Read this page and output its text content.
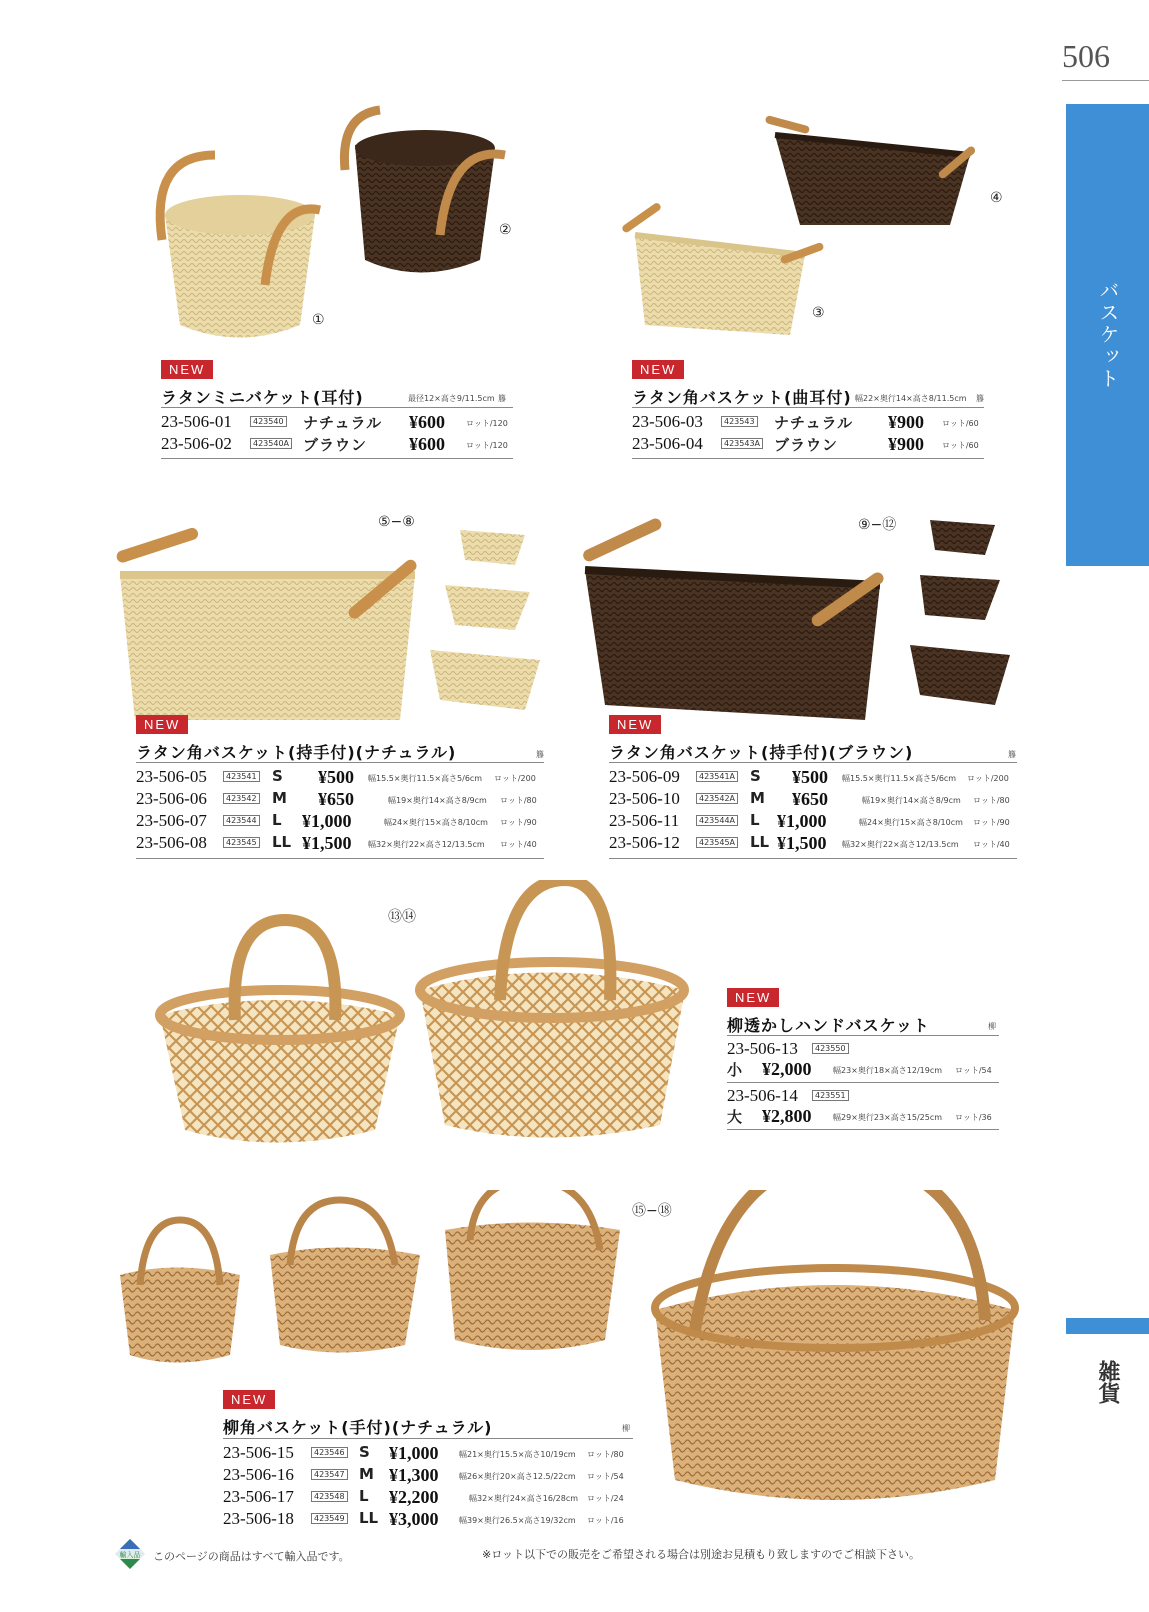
506
バスケット
雑貨
①
②
③
④
NEW
ラタンミニバケット(耳付)	最径12×高さ9/11.5cm 籐
23-506-01	423540 ナチュラル ¥600	ロット/120
23-506-02	423540A ブラウン ¥600	ロット/120
NEW
ラタン角バスケット(曲耳付) 幅22×奥行14×高さ8/11.5cm 籐
23-506-03	423543 ナチュラル ¥900 ロット/60
23-506-04	423543A ブラウン	¥900 ロット/60
⑤−⑧	⑨−⑫
NEW
ラタン角バスケット(持手付)(ナチュラル)	籐
23-506-05	423541 S ¥500 幅15.5×奥行11.5×高さ5/6cm ロット/200
23-506-06	423542 M ¥650	幅19×奥行14×高さ8/9cm ロット/80
23-506-07	423544 L ¥1,000	幅24×奥行15×高さ8/10cm ロット/90
23-506-08	423545 LL ¥1,500 幅32×奥行22×高さ12/13.5cm ロット/40
NEW
ラタン角バスケット(持手付)(ブラウン)	籐
23-506-09	423541A S ¥500 幅15.5×奥行11.5×高さ5/6cm ロット/200
23-506-10	423542A M ¥650	幅19×奥行14×高さ8/9cm ロット/80
23-506-11	423544A L ¥1,000	幅24×奥行15×高さ8/10cm ロット/90
23-506-12	423545A LL ¥1,500 幅32×奥行22×高さ12/13.5cm ロット/40
⑬⑭
NEW
柳透かしハンドバスケット	柳
23-506-13	423550
小 ¥2,000	幅23×奥行18×高さ12/19cm ロット/54
23-506-14	423551
大 ¥2,800	幅29×奥行23×高さ15/25cm ロット/36
⑮−⑱
NEW
柳角バスケット(手付)(ナチュラル)	柳
23-506-15	423546 S ¥1,000	幅21×奥行15.5×高さ10/19cm ロット/80
23-506-16	423547 M ¥1,300	幅26×奥行20×高さ12.5/22cm ロット/54
23-506-17	423548 L ¥2,200	幅32×奥行24×高さ16/28cm ロット/24
23-506-18	423549 LL ¥3,000	幅39×奥行26.5×高さ19/32cm ロット/16
輸入品 このページの商品はすべて輸入品です。	※ロット以下での販売をご希望される場合は別途お見積もり致しますのでご相談下さい。
